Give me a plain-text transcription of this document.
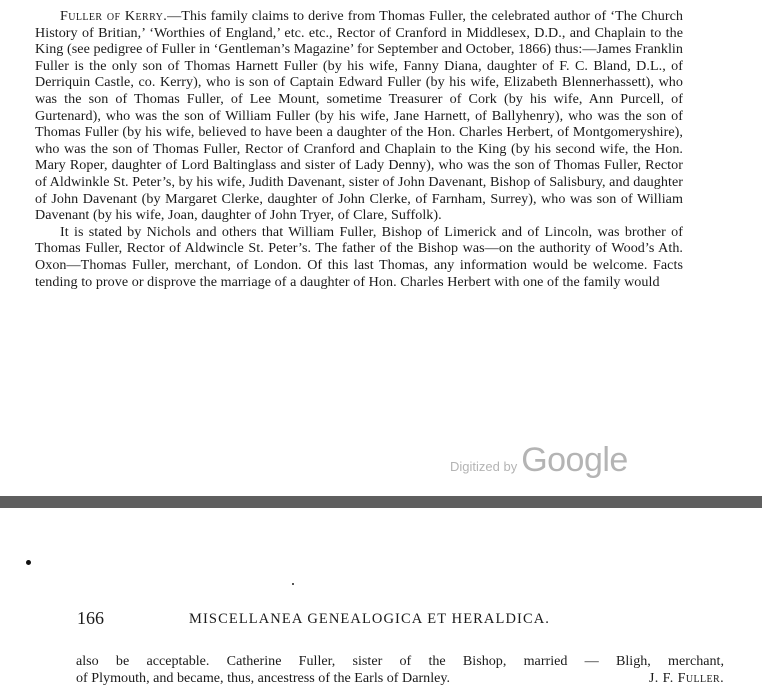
Fuller of Kerry.—This family claims to derive from Thomas Fuller, the celebrated author of ‘The Church History of Britian,’ ‘Worthies of England,’ etc. etc., Rector of Cranford in Middlesex, D.D., and Chaplain to the King (see pedigree of Fuller in ‘Gentleman’s Magazine’ for September and October, 1866) thus:—James Franklin Fuller is the only son of Thomas Harnett Fuller (by his wife, Fanny Diana, daughter of F. C. Bland, D.L., of Derriquin Castle, co. Kerry), who is son of Captain Edward Fuller (by his wife, Elizabeth Blennerhassett), who was the son of Thomas Fuller, of Lee Mount, sometime Treasurer of Cork (by his wife, Ann Purcell, of Gurtenard), who was the son of William Fuller (by his wife, Jane Harnett, of Ballyhenry), who was the son of Thomas Fuller (by his wife, believed to have been a daughter of the Hon. Charles Herbert, of Montgomeryshire), who was the son of Thomas Fuller, Rector of Cranford and Chaplain to the King (by his second wife, the Hon. Mary Roper, daughter of Lord Baltinglass and sister of Lady Denny), who was the son of Thomas Fuller, Rector of Aldwinkle St. Peter’s, by his wife, Judith Davenant, sister of John Davenant, Bishop of Salisbury, and daughter of John Davenant (by Margaret Clerke, daughter of John Clerke, of Farnham, Surrey), who was son of William Davenant (by his wife, Joan, daughter of John Tryer, of Clare, Suffolk).

It is stated by Nichols and others that William Fuller, Bishop of Limerick and of Lincoln, was brother of Thomas Fuller, Rector of Aldwincle St. Peter’s. The father of the Bishop was—on the authority of Wood’s Ath. Oxon—Thomas Fuller, merchant, of London. Of this last Thomas, any information would be welcome. Facts tending to prove or disprove the marriage of a daughter of Hon. Charles Herbert with one of the family would

Digitized by Google
166	MISCELLANEA GENEALOGICA ET HERALDICA.

also be acceptable. Catherine Fuller, sister of the Bishop, married — Bligh, merchant,
of Plymouth, and became, thus, ancestress of the Earls of Darnley.	J. F. Fuller.
